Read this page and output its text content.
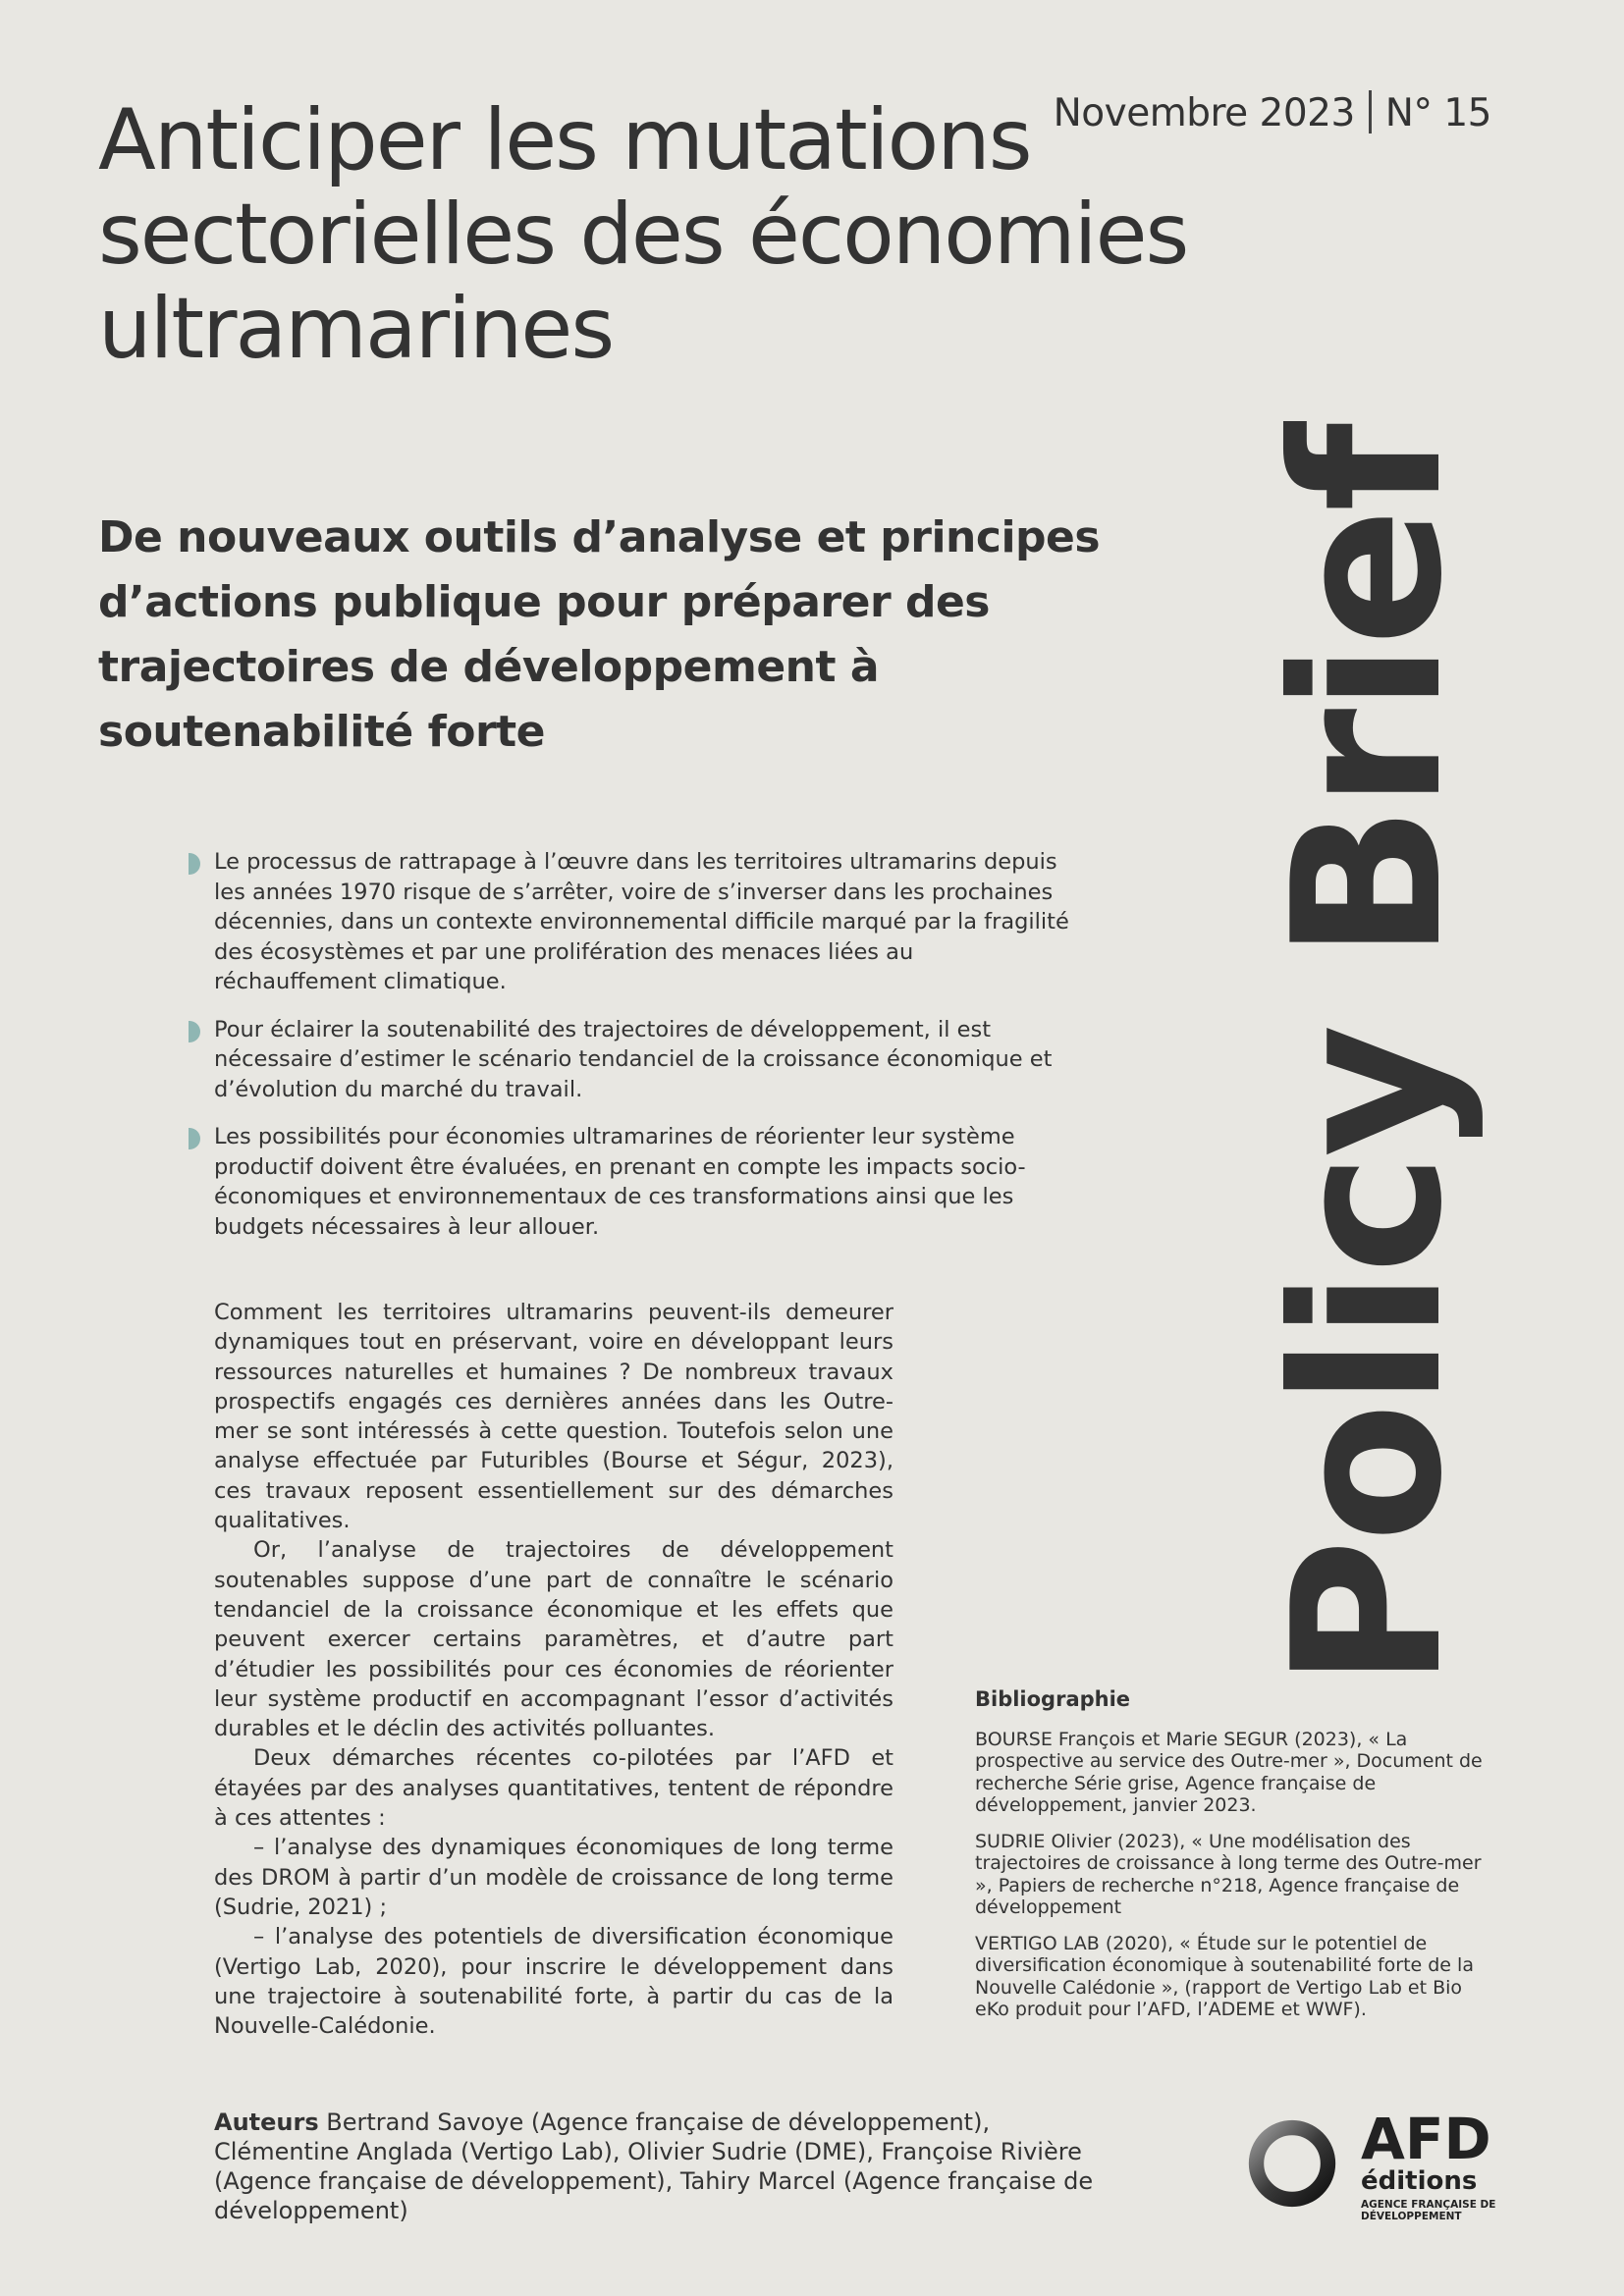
Novembre 2023 N° 15
Anticiper les mutations sectorielles des économies ultramarines
De nouveaux outils d’analyse et principes d’actions publique pour préparer des trajectoires de développement à soutenabilité forte	Policy Brief
Le processus de rattrapage à l’œuvre dans les territoires ultramarins depuis les années 1970 risque de s’arrêter, voire de s’inverser dans les prochaines décennies, dans un contexte environnemental difficile marqué par la fragilité des écosystèmes et par une prolifération des menaces liées au réchauffement climatique.
Pour éclairer la soutenabilité des trajectoires de développement, il est nécessaire d’estimer le scénario tendanciel de la croissance économique et d’évolution du marché du travail.
Les possibilités pour économies ultramarines de réorienter leur système productif doivent être évaluées, en prenant en compte les impacts socio-économiques et environnementaux de ces transformations ainsi que les budgets nécessaires à leur allouer.

Comment les territoires ultramarins peuvent-ils demeurer dynamiques tout en préservant, voire en développant leurs ressources naturelles et humaines ? De nombreux travaux prospectifs engagés ces dernières années dans les Outre-mer se sont intéressés à cette question. Toutefois selon une analyse effectuée par Futuribles (Bourse et Ségur, 2023), ces travaux reposent essentiellement sur des démarches qualitatives.

Or, l’analyse de trajectoires de développement soutenables suppose d’une part de connaître le scénario tendanciel de la croissance économique et les effets que peuvent exercer certains paramètres, et d’autre part d’étudier les possibilités pour ces économies de réorienter leur système productif en accompagnant l’essor d’activités durables et le déclin des activités polluantes.

Deux démarches récentes co-pilotées par l’AFD et étayées par des analyses quantitatives, tentent de répondre à ces attentes :

– l’analyse des dynamiques économiques de long terme des DROM à partir d’un modèle de croissance de long terme (Sudrie, 2021) ;

– l’analyse des potentiels de diversification économique (Vertigo Lab, 2020), pour inscrire le développement dans une trajectoire à soutenabilité forte, à partir du cas de la Nouvelle-Calédonie.

Bibliographie

BOURSE François et Marie SEGUR (2023), « La prospective au service des Outre-mer », Document de recherche Série grise, Agence française de développement, janvier 2023.

SUDRIE Olivier (2023), « Une modélisation des trajectoires de croissance à long terme des Outre-mer », Papiers de recherche n°218, Agence française de développement

VERTIGO LAB (2020), « Étude sur le potentiel de diversification économique à soutenabilité forte de la Nouvelle Calédonie », (rapport de Vertigo Lab et Bio eKo produit pour l’AFD, l’ADEME et WWF).

Auteurs Bertrand Savoye (Agence française de développement), Clémentine Anglada (Vertigo Lab), Olivier Sudrie (DME), Françoise Rivière (Agence française de développement), Tahiry Marcel (Agence française de développement)
AFD
éditions
AGENCE FRANÇAISE DE DÉVELOPPEMENT
